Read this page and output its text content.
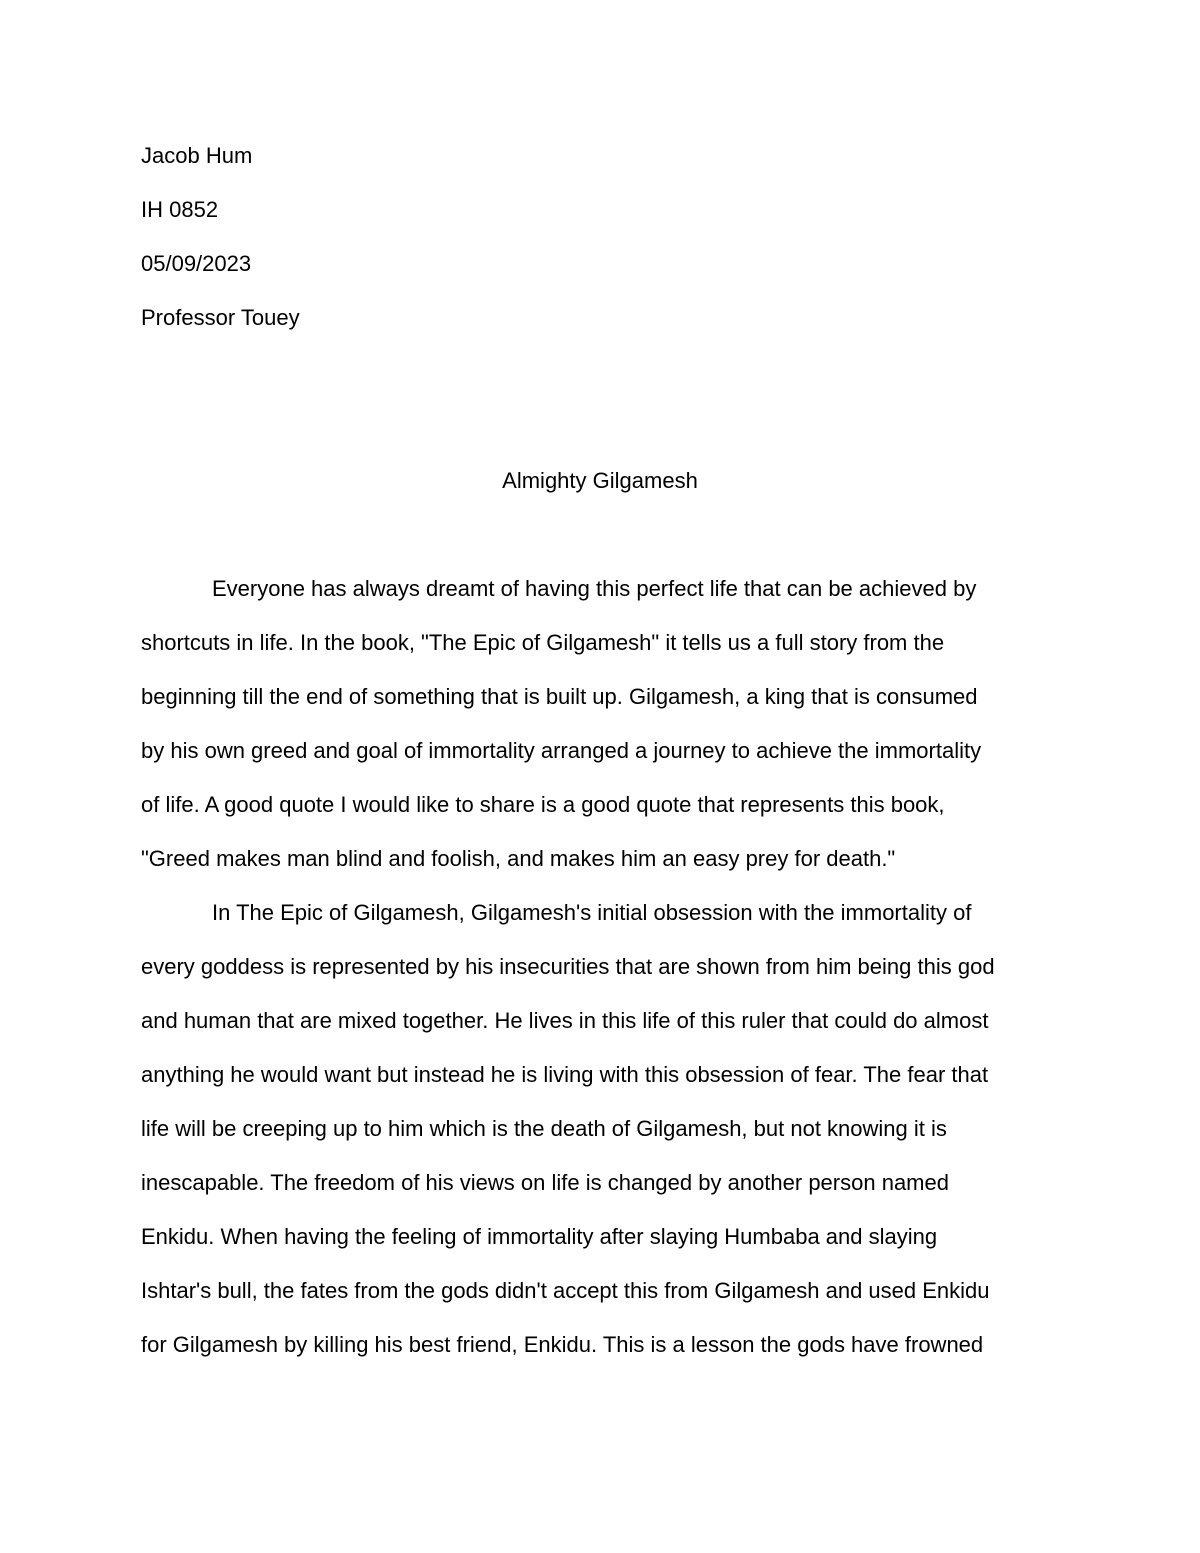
Jacob Hum
IH 0852
05/09/2023
Professor Touey
Almighty Gilgamesh
Everyone has always dreamt of having this perfect life that can be achieved by
shortcuts in life. In the book, "The Epic of Gilgamesh" it tells us a full story from the
beginning till the end of something that is built up. Gilgamesh, a king that is consumed
by his own greed and goal of immortality arranged a journey to achieve the immortality
of life. A good quote I would like to share is a good quote that represents this book,
"Greed makes man blind and foolish, and makes him an easy prey for death."
In The Epic of Gilgamesh, Gilgamesh's initial obsession with the immortality of
every goddess is represented by his insecurities that are shown from him being this god
and human that are mixed together. He lives in this life of this ruler that could do almost
anything he would want but instead he is living with this obsession of fear. The fear that
life will be creeping up to him which is the death of Gilgamesh, but not knowing it is
inescapable. The freedom of his views on life is changed by another person named
Enkidu. When having the feeling of immortality after slaying Humbaba and slaying
Ishtar's bull, the fates from the gods didn't accept this from Gilgamesh and used Enkidu
for Gilgamesh by killing his best friend, Enkidu. This is a lesson the gods have frowned
